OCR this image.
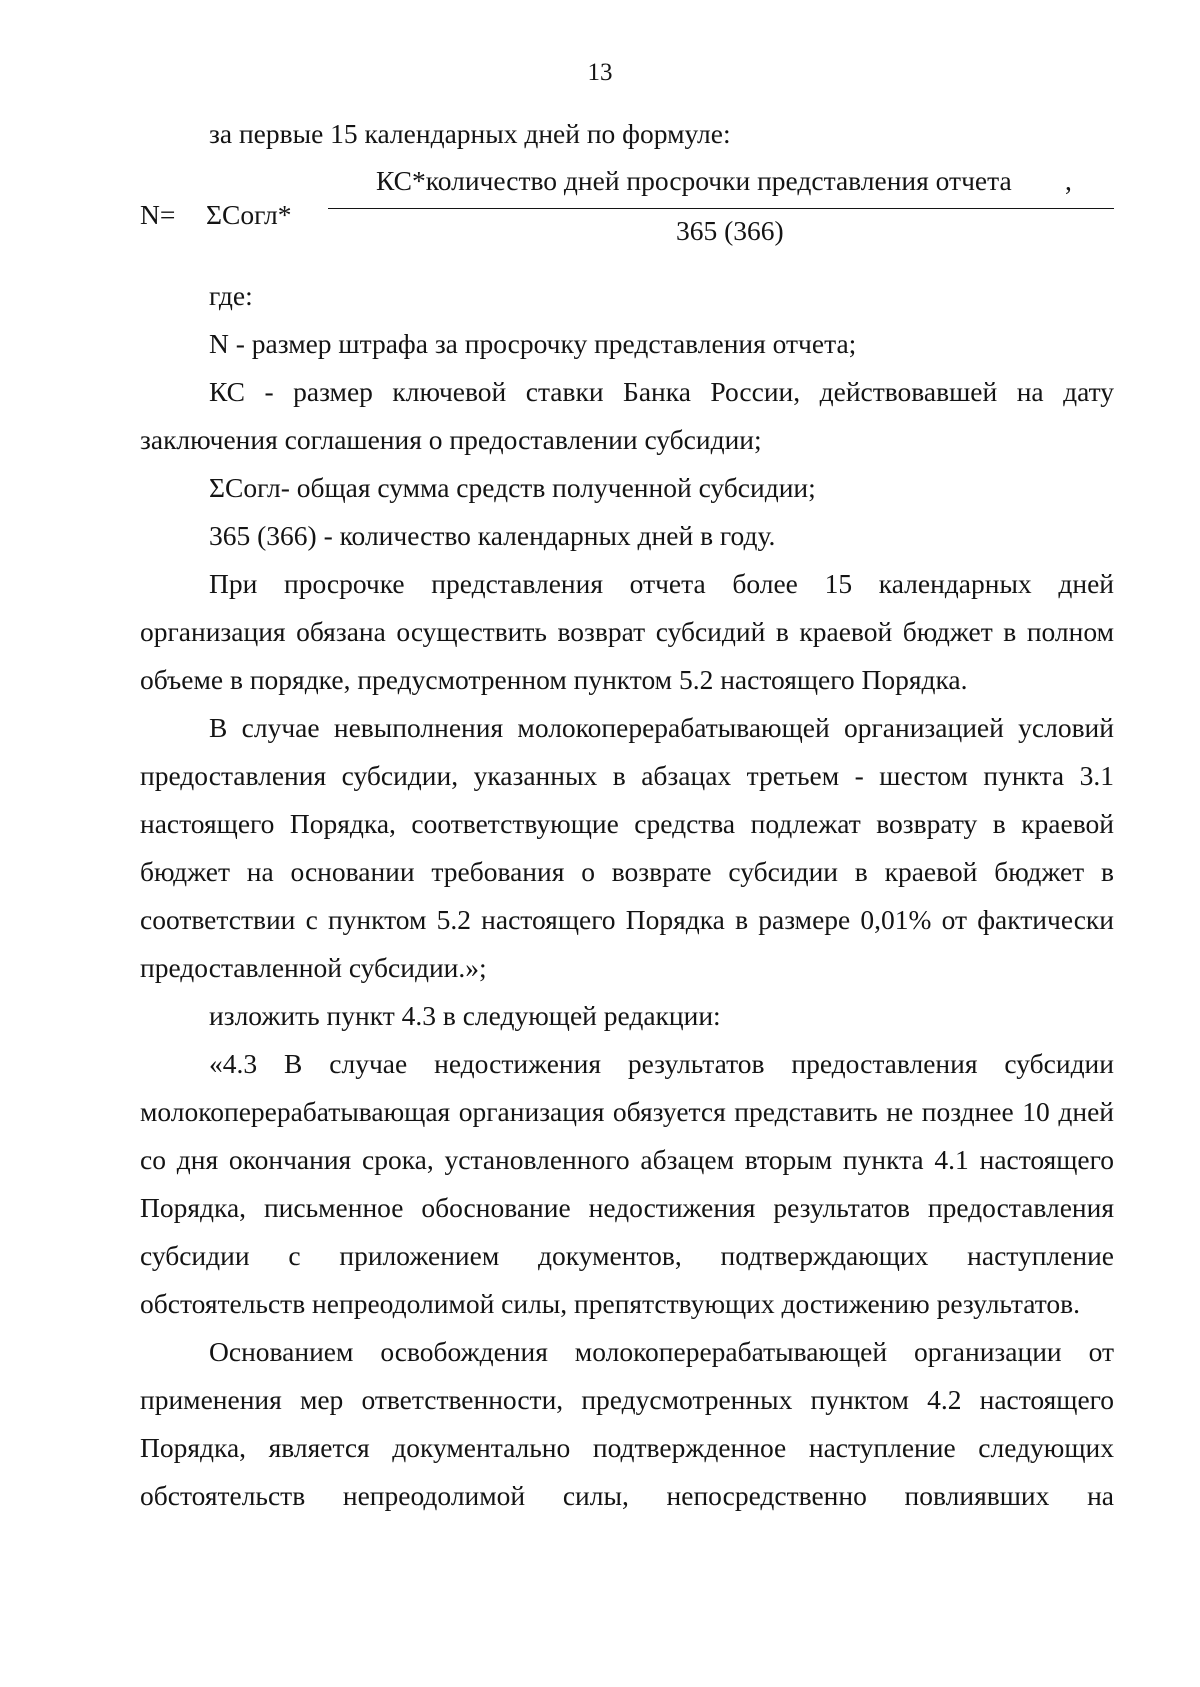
13

за первые 15 календарных дней по формуле:

N= ΣСогл*
КС*количество дней просрочки представления отчета ,
365 (366)

где:

N - размер штрафа за просрочку представления отчета;

КС - размер ключевой ставки Банка России, действовавшей на дату заключения соглашения о предоставлении субсидии;

ΣСогл- общая сумма средств полученной субсидии;

365 (366) - количество календарных дней в году.

При просрочке представления отчета более 15 календарных дней организация обязана осуществить возврат субсидий в краевой бюджет в полном объеме в порядке, предусмотренном пунктом 5.2 настоящего Порядка.

В случае невыполнения молокоперерабатывающей организацией условий предоставления субсидии, указанных в абзацах третьем - шестом пункта 3.1 настоящего Порядка, соответствующие средства подлежат возврату в краевой бюджет на основании требования о возврате субсидии в краевой бюджет в соответствии с пунктом 5.2 настоящего Порядка в размере 0,01% от фактически предоставленной субсидии.»;

изложить пункт 4.3 в следующей редакции:

«4.3 В случае недостижения результатов предоставления субсидии молокоперерабатывающая организация обязуется представить не позднее 10 дней со дня окончания срока, установленного абзацем вторым пункта 4.1 настоящего Порядка, письменное обоснование недостижения результатов предоставления субсидии с приложением документов, подтверждающих наступление обстоятельств непреодолимой силы, препятствующих достижению результатов.

Основанием освобождения молокоперерабатывающей организации от применения мер ответственности, предусмотренных пунктом 4.2 настоящего Порядка, является документально подтвержденное наступление следующих обстоятельств непреодолимой силы, непосредственно повлиявших на
